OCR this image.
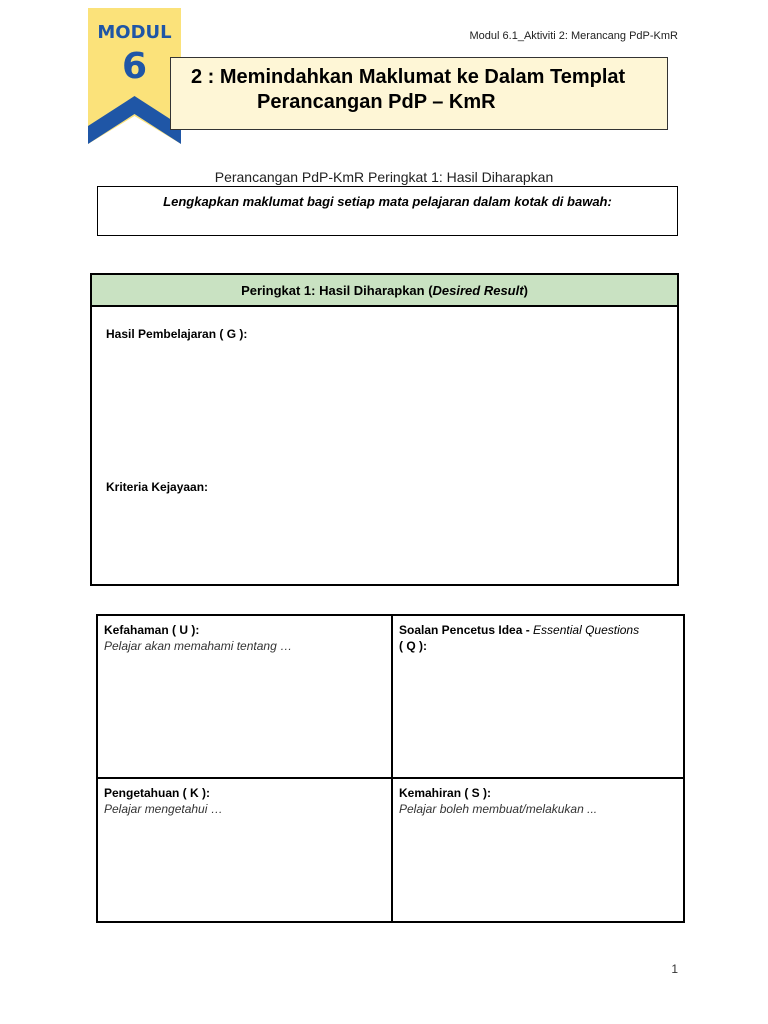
Modul 6.1_Aktiviti 2: Merancang PdP-KmR
MODUL
6 2 : Memindahkan Maklumat ke Dalam Templat
Perancangan PdP – KmR
Perancangan PdP-KmR Peringkat 1: Hasil Diharapkan
Lengkapkan maklumat bagi setiap mata pelajaran dalam kotak di bawah:
Peringkat 1: Hasil Diharapkan (Desired Result)
Hasil Pembelajaran ( G ):
Kriteria Kejayaan:
Kefahaman ( U ):
Pelajar akan memahami tentang …
Soalan Pencetus Idea - Essential Questions
( Q ):
Pengetahuan ( K ):
Pelajar mengetahui …
Kemahiran ( S ):
Pelajar boleh membuat/melakukan ...
1
